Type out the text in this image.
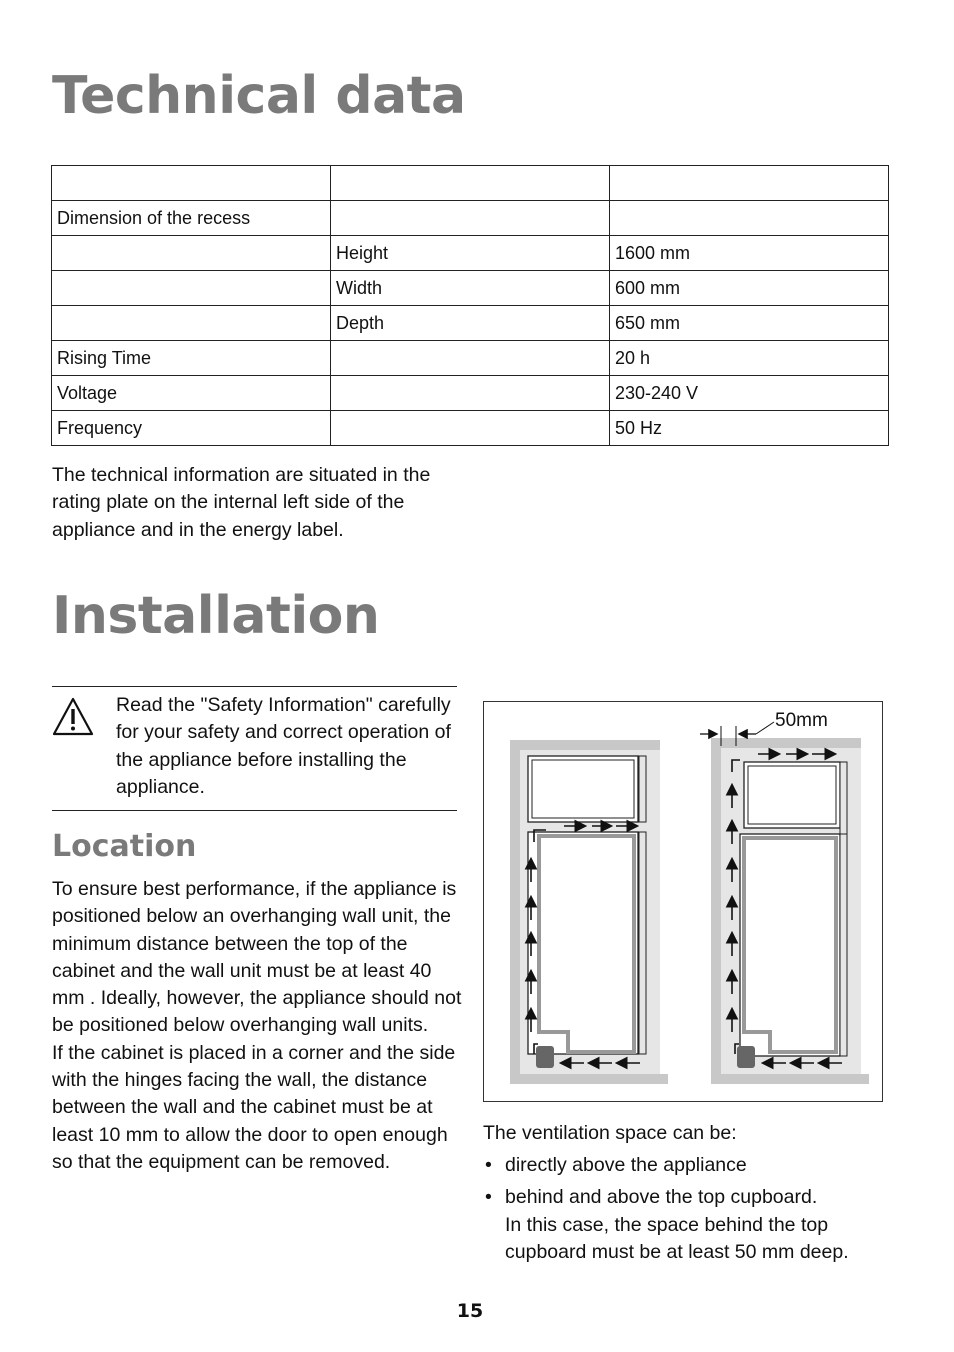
Technical data

Dimension of the recess		
	Height	1600 mm
	Width	600 mm
	Depth	650 mm
Rising Time		20 h
Voltage		230-240 V
Frequency		50 Hz

The technical information are situated in the rating plate on the internal left side of the appliance and in the energy label.

Installation

Read the "Safety Information" carefully for your safety and correct operation of the appliance before installing the appliance.

Location
To ensure best performance, if the appliance is positioned below an overhanging wall unit, the minimum distance between the top of the cabinet and the wall unit must be at least 40 mm . Ideally, however, the appliance should not be positioned below overhanging wall units.
If the cabinet is placed in a corner and the side with the hinges facing the wall, the distance between the wall and the cabinet must be at least 10 mm to allow the door to open enough so that the equipment can be removed.
50mm

The ventilation space can be:

• directly above the appliance
• behind and above the top cupboard.
In this case, the space behind the top cupboard must be at least 50 mm deep.
15
